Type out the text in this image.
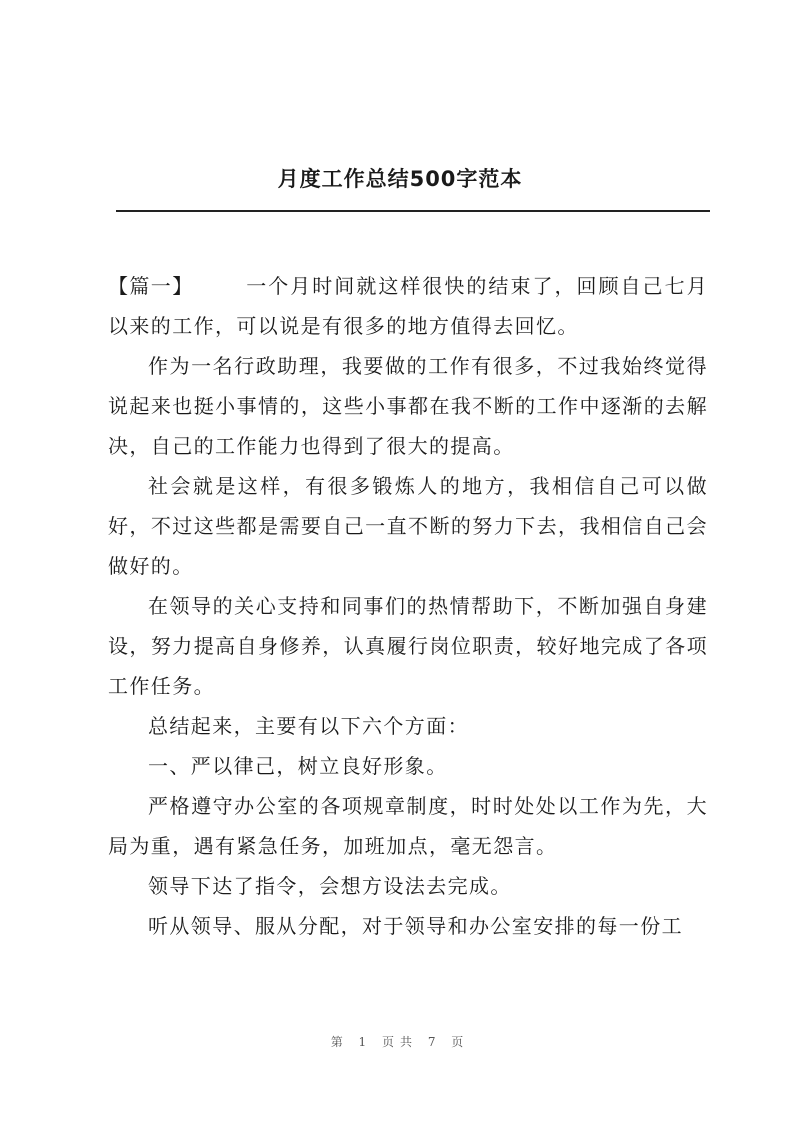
月度工作总结500字范本

【篇一】	一个月时间就这样很快的结束了，回顾自己七月以来的工作，可以说是有很多的地方值得去回忆。

作为一名行政助理，我要做的工作有很多，不过我始终觉得说起来也挺小事情的，这些小事都在我不断的工作中逐渐的去解决，自己的工作能力也得到了很大的提高。

社会就是这样，有很多锻炼人的地方，我相信自己可以做好，不过这些都是需要自己一直不断的努力下去，我相信自己会做好的。

在领导的关心支持和同事们的热情帮助下，不断加强自身建设，努力提高自身修养，认真履行岗位职责，较好地完成了各项工作任务。

总结起来，主要有以下六个方面：

一、严以律己，树立良好形象。

严格遵守办公室的各项规章制度，时时处处以工作为先，大局为重，遇有紧急任务，加班加点，毫无怨言。

领导下达了指令，会想方设法去完成。

听从领导、服从分配，对于领导和办公室安排的每一份工

第 1 页共 7 页
